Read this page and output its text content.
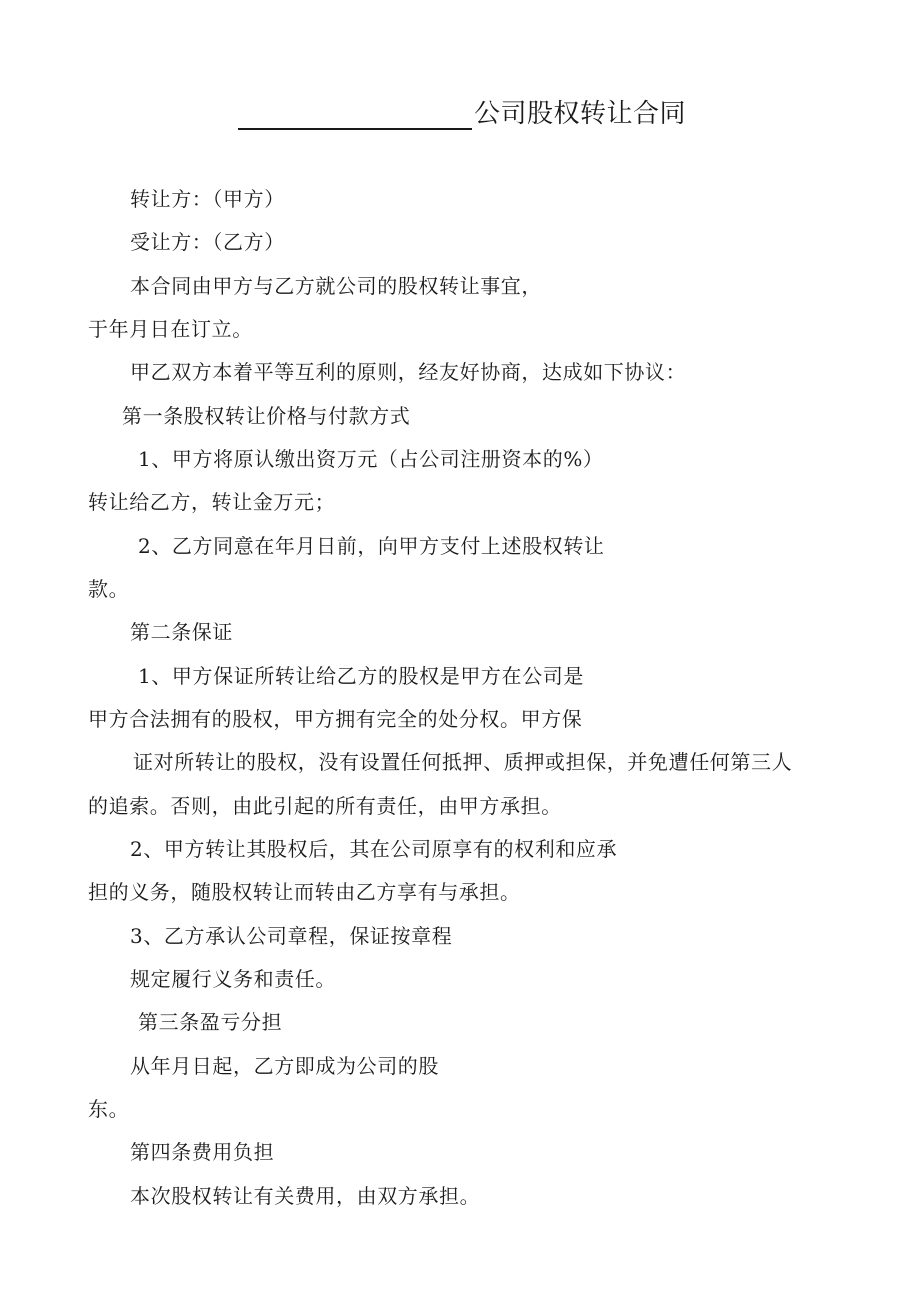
公司股权转让合同
转让方：（甲方）
受让方：（乙方）
本合同由甲方与乙方就公司的股权转让事宜，
于年月日在订立。
甲乙双方本着平等互利的原则，经友好协商，达成如下协议：
第一条股权转让价格与付款方式
1、甲方将原认缴出资万元（占公司注册资本的%）
转让给乙方，转让金万元；
2、乙方同意在年月日前，向甲方支付上述股权转让
款。
第二条保证
1、甲方保证所转让给乙方的股权是甲方在公司是
甲方合法拥有的股权，甲方拥有完全的处分权。甲方保
证对所转让的股权，没有设置任何抵押、质押或担保，并免遭任何第三人
的追索。否则，由此引起的所有责任，由甲方承担。
2、甲方转让其股权后，其在公司原享有的权利和应承
担的义务，随股权转让而转由乙方享有与承担。
3、乙方承认公司章程，保证按章程
规定履行义务和责任。
第三条盈亏分担
从年月日起，乙方即成为公司的股
东。
第四条费用负担
本次股权转让有关费用，由双方承担。
